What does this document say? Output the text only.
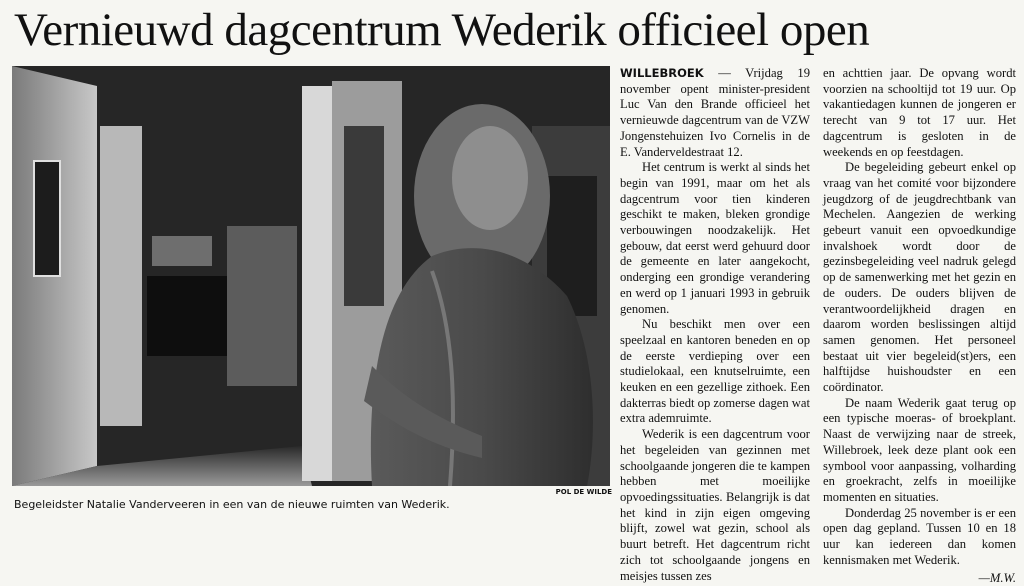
Vernieuwd dagcentrum Wederik officieel open
POL DE WILDE
Begeleidster Natalie Vanderveeren in een van de nieuwe ruimten van Wederik.

WILLEBROEK — Vrijdag 19 november opent minister-president Luc Van den Brande officieel het vernieuwde dagcentrum van de VZW Jongenstehuizen Ivo Cornelis in de E. Vanderveldestraat 12.

Het centrum is werkt al sinds het begin van 1991, maar om het als dagcentrum voor tien kinderen geschikt te maken, bleken grondige verbouwingen noodzakelijk. Het gebouw, dat eerst werd gehuurd door de gemeente en later aangekocht, onderging een grondige verandering en werd op 1 januari 1993 in gebruik genomen.

Nu beschikt men over een speelzaal en kantoren beneden en op de eerste verdieping over een studielokaal, een knutselruimte, een keuken en een gezellige zithoek. Een dakterras biedt op zomerse dagen wat extra ademruimte.

Wederik is een dagcentrum voor het begeleiden van gezinnen met schoolgaande jongeren die te kampen hebben met moeilijke opvoedingssituaties. Belangrijk is dat het kind in zijn eigen omgeving blijft, zowel wat gezin, school als buurt betreft. Het dagcentrum richt zich tot schoolgaande jongens en meisjes tussen zes

en achttien jaar. De opvang wordt voorzien na schooltijd tot 19 uur. Op vakantiedagen kunnen de jongeren er terecht van 9 tot 17 uur. Het dagcentrum is gesloten in de weekends en op feestdagen.

De begeleiding gebeurt enkel op vraag van het comité voor bijzondere jeugdzorg of de jeugdrechtbank van Mechelen. Aangezien de werking gebeurt vanuit een opvoedkundige invalshoek wordt door de gezinsbegeleiding veel nadruk gelegd op de samenwerking met het gezin en de ouders. De ouders blijven de verantwoordelijkheid dragen en daarom worden beslissingen altijd samen genomen. Het personeel bestaat uit vier begeleid(st)ers, een halftijdse huishoudster en een coördinator.

De naam Wederik gaat terug op een typische moeras- of broekplant. Naast de verwijzing naar de streek, Willebroek, leek deze plant ook een symbool voor aanpassing, volharding en groekracht, zelfs in moeilijke momenten en situaties.

Donderdag 25 november is er een open dag gepland. Tussen 10 en 18 uur kan iedereen dan komen kennismaken met Wederik.

—M.W.
